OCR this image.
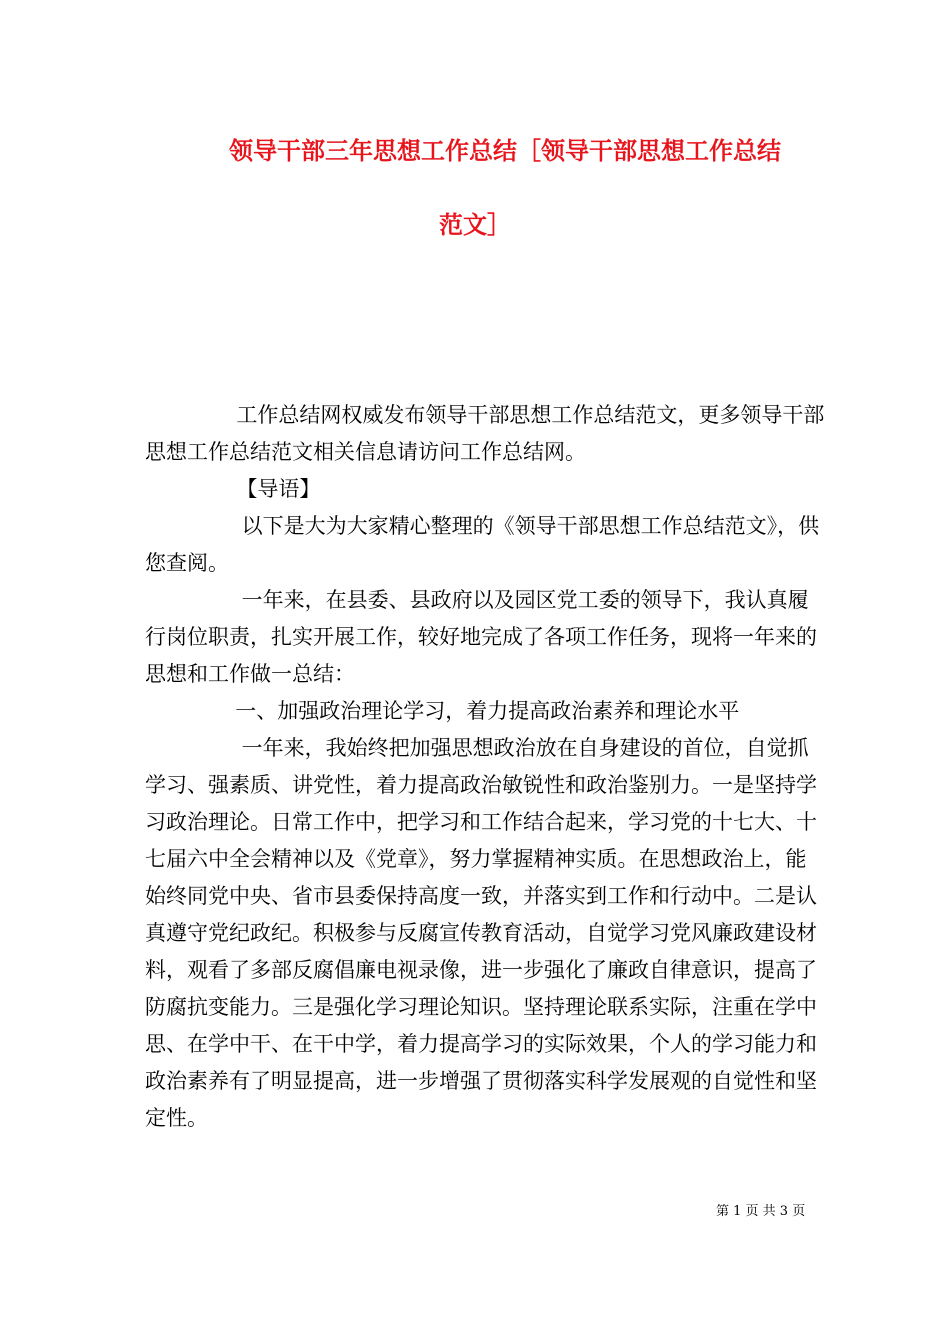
领导干部三年思想工作总结［领导干部思想工作总结
范文］

工作总结网权威发布领导干部思想工作总结范文，更多领导干部思想工作总结范文相关信息请访问工作总结网。

【导语】

以下是大为大家精心整理的《领导干部思想工作总结范文》，供您查阅。

一年来，在县委、县政府以及园区党工委的领导下，我认真履行岗位职责，扎实开展工作，较好地完成了各项工作任务，现将一年来的思想和工作做一总结：

一、加强政治理论学习，着力提高政治素养和理论水平

一年来，我始终把加强思想政治放在自身建设的首位，自觉抓学习、强素质、讲党性，着力提高政治敏锐性和政治鉴别力。一是坚持学习政治理论。日常工作中，把学习和工作结合起来，学习党的十七大、十七届六中全会精神以及《党章》，努力掌握精神实质。在思想政治上，能始终同党中央、省市县委保持高度一致，并落实到工作和行动中。二是认真遵守党纪政纪。积极参与反腐宣传教育活动，自觉学习党风廉政建设材料，观看了多部反腐倡廉电视录像，进一步强化了廉政自律意识，提高了防腐抗变能力。三是强化学习理论知识。坚持理论联系实际，注重在学中思、在学中干、在干中学，着力提高学习的实际效果，个人的学习能力和政治素养有了明显提高，进一步增强了贯彻落实科学发展观的自觉性和坚定性。

第 1 页 共 3 页
